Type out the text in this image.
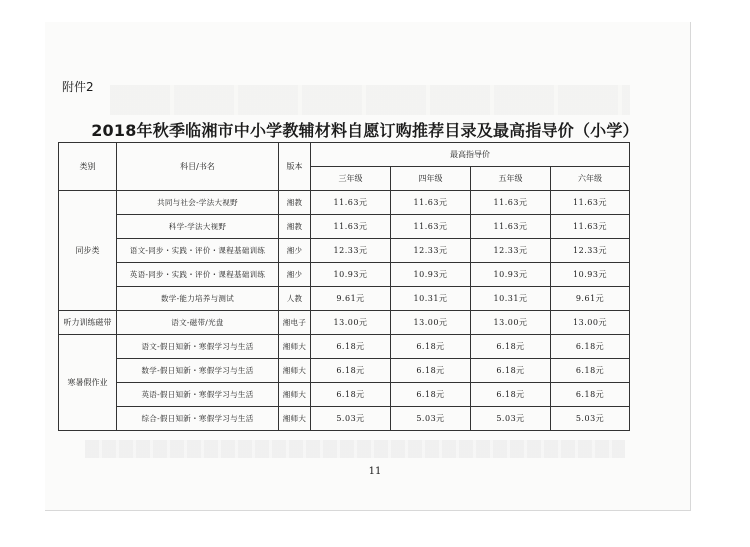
附件2
2018年秋季临湘市中小学教辅材料自愿订购推荐目录及最高指导价（小学）
类别	科目/书名	版本	最高指导价			
			三年级	四年级	五年级	六年级
同步类	共同与社会-学法大视野	湘教	11.63元	11.63元	11.63元	11.63元
	科学-学法大视野	湘教	11.63元	11.63元	11.63元	11.63元
	语文-同步・实践・评价・课程基础训练	湘少	12.33元	12.33元	12.33元	12.33元
	英语-同步・实践・评价・课程基础训练	湘少	10.93元	10.93元	10.93元	10.93元
	数学-能力培养与测试	人教	9.61元	10.31元	10.31元	9.61元
听力训练磁带	语文-磁带/光盘	湘电子	13.00元	13.00元	13.00元	13.00元
寒暑假作业	语文-假日知新・寒假学习与生活	湘师大	6.18元	6.18元	6.18元	6.18元
	数学-假日知新・寒假学习与生活	湘师大	6.18元	6.18元	6.18元	6.18元
	英语-假日知新・寒假学习与生活	湘师大	6.18元	6.18元	6.18元	6.18元
	综合-假日知新・寒假学习与生活	湘师大	5.03元	5.03元	5.03元	5.03元
11
